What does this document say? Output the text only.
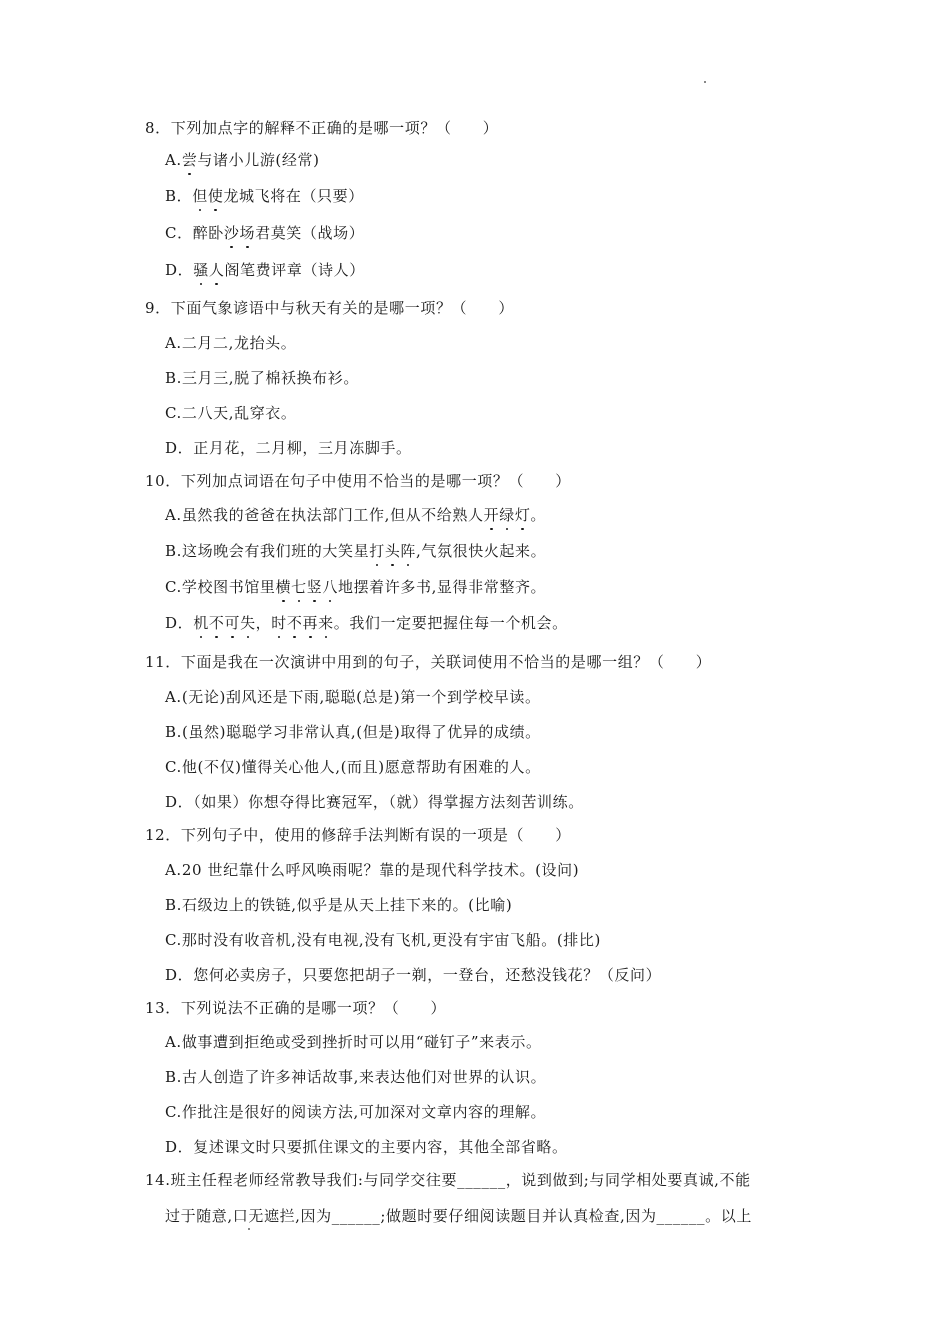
8．下列加点字的解释不正确的是哪一项？（　　）
A.尝与诸小儿游(经常)
B．但使龙城飞将在（只要）
C．醉卧沙场君莫笑（战场）
D．骚人阁笔费评章（诗人）
9．下面气象谚语中与秋天有关的是哪一项？（　　）
A.二月二,龙抬头。
B.三月三,脱了棉袄换布衫。
C.二八天,乱穿衣。
D．正月花，二月柳，三月冻脚手。
10．下列加点词语在句子中使用不恰当的是哪一项？（　　）
A.虽然我的爸爸在执法部门工作,但从不给熟人开绿灯。
B.这场晚会有我们班的大笑星打头阵,气氛很快火起来。
C.学校图书馆里横七竖八地摆着许多书,显得非常整齐。
D．机不可失，时不再来。我们一定要把握住每一个机会。
11．下面是我在一次演讲中用到的句子，关联词使用不恰当的是哪一组？（　　）
A.(无论)刮风还是下雨,聪聪(总是)第一个到学校早读。
B.(虽然)聪聪学习非常认真,(但是)取得了优异的成绩。
C.他(不仅)懂得关心他人,(而且)愿意帮助有困难的人。
D．（如果）你想夺得比赛冠军，（就）得掌握方法刻苦训练。
12．下列句子中，使用的修辞手法判断有误的一项是（　　）
A.20 世纪靠什么呼风唤雨呢？靠的是现代科学技术。(设问)
B.石级边上的铁链,似乎是从天上挂下来的。(比喻)
C.那时没有收音机,没有电视,没有飞机,更没有宇宙飞船。(排比)
D．您何必卖房子，只要您把胡子一剃，一登台，还愁没钱花？（反问）
13．下列说法不正确的是哪一项？（　　）
A.做事遭到拒绝或受到挫折时可以用“碰钉子”来表示。
B.古人创造了许多神话故事,来表达他们对世界的认识。
C.作批注是很好的阅读方法,可加深对文章内容的理解。
D．复述课文时只要抓住课文的主要内容，其他全部省略。
14.班主任程老师经常教导我们:与同学交往要______，说到做到;与同学相处要真诚,不能
过于随意,口无遮拦,因为______;做题时要仔细阅读题目并认真检查,因为______。以上
